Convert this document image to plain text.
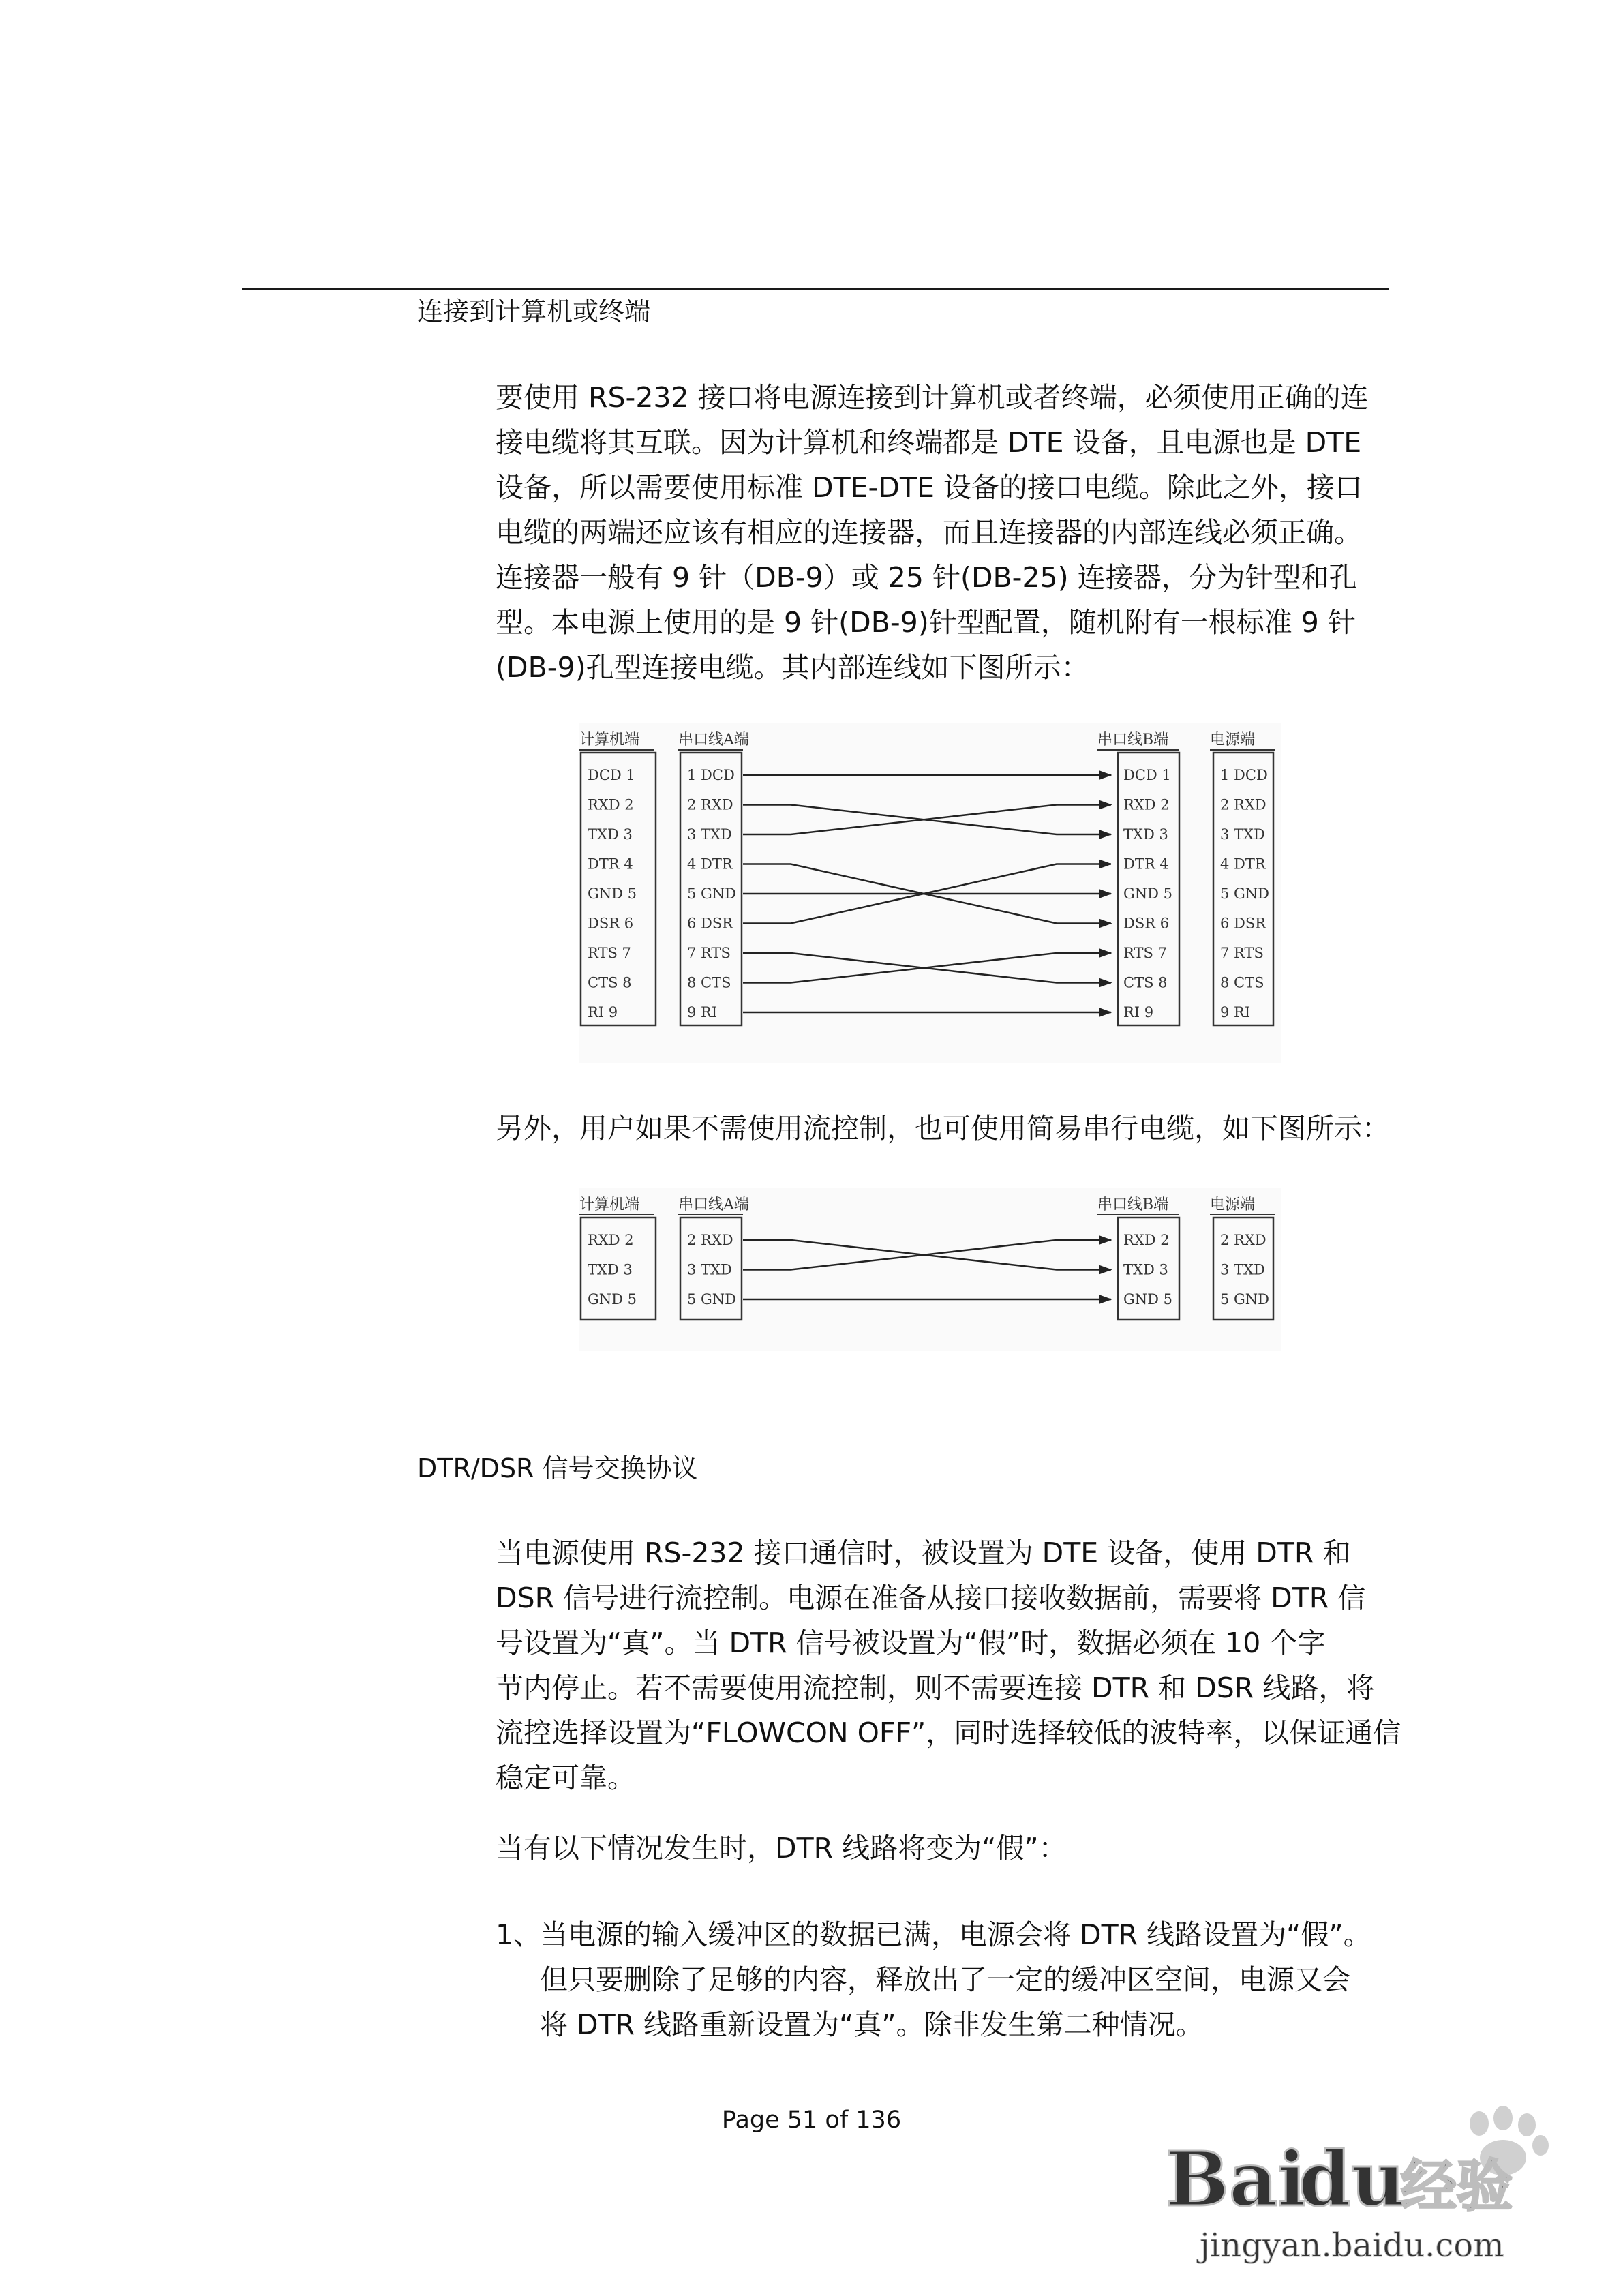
连接到计算机或终端
要使用 RS-232 接口将电源连接到计算机或者终端，必须使用正确的连
接电缆将其互联。因为计算机和终端都是 DTE 设备，且电源也是 DTE
设备，所以需要使用标准 DTE-DTE 设备的接口电缆。除此之外，接口
电缆的两端还应该有相应的连接器，而且连接器的内部连线必须正确。
连接器一般有 9 针（DB-9）或 25 针(DB-25) 连接器，分为针型和孔
型。本电源上使用的是 9 针(DB-9)针型配置，随机附有一根标准 9 针
(DB-9)孔型连接电缆。其内部连线如下图所示：
计算机端	串口线A端	串口线B端	电源端
DCD 1	1 DCD	DCD 1	1 DCD
RXD 2	2 RXD	RXD 2	2 RXD
TXD 3	3 TXD	TXD 3	3 TXD
DTR 4	4 DTR	DTR 4	4 DTR
GND 5	5 GND	GND 5	5 GND
DSR 6	6 DSR	DSR 6	6 DSR
RTS 7	7 RTS	RTS 7	7 RTS
CTS 8	8 CTS	CTS 8	8 CTS
RI 9	9 RI	RI 9	9 RI
另外，用户如果不需使用流控制，也可使用简易串行电缆，如下图所示：
计算机端	串口线A端	串口线B端	电源端
RXD 2	2 RXD	RXD 2	2 RXD
TXD 3	3 TXD	TXD 3	3 TXD
GND 5	5 GND	GND 5	5 GND
DTR/DSR 信号交换协议
当电源使用 RS-232 接口通信时，被设置为 DTE 设备，使用 DTR 和
DSR 信号进行流控制。电源在准备从接口接收数据前，需要将 DTR 信
号设置为“真”。当 DTR 信号被设置为“假”时，数据必须在 10 个字
节内停止。若不需要使用流控制，则不需要连接 DTR 和 DSR 线路，将
流控选择设置为“FLOWCON OFF”，同时选择较低的波特率，以保证通信
稳定可靠。
当有以下情况发生时，DTR 线路将变为“假”：
1、
当电源的输入缓冲区的数据已满，电源会将 DTR 线路设置为“假”。
但只要删除了足够的内容，释放出了一定的缓冲区空间，电源又会
将 DTR 线路重新设置为“真”。除非发生第二种情况。
Page 51 of 136
Bai
du
经验
jingyan.baidu.com
